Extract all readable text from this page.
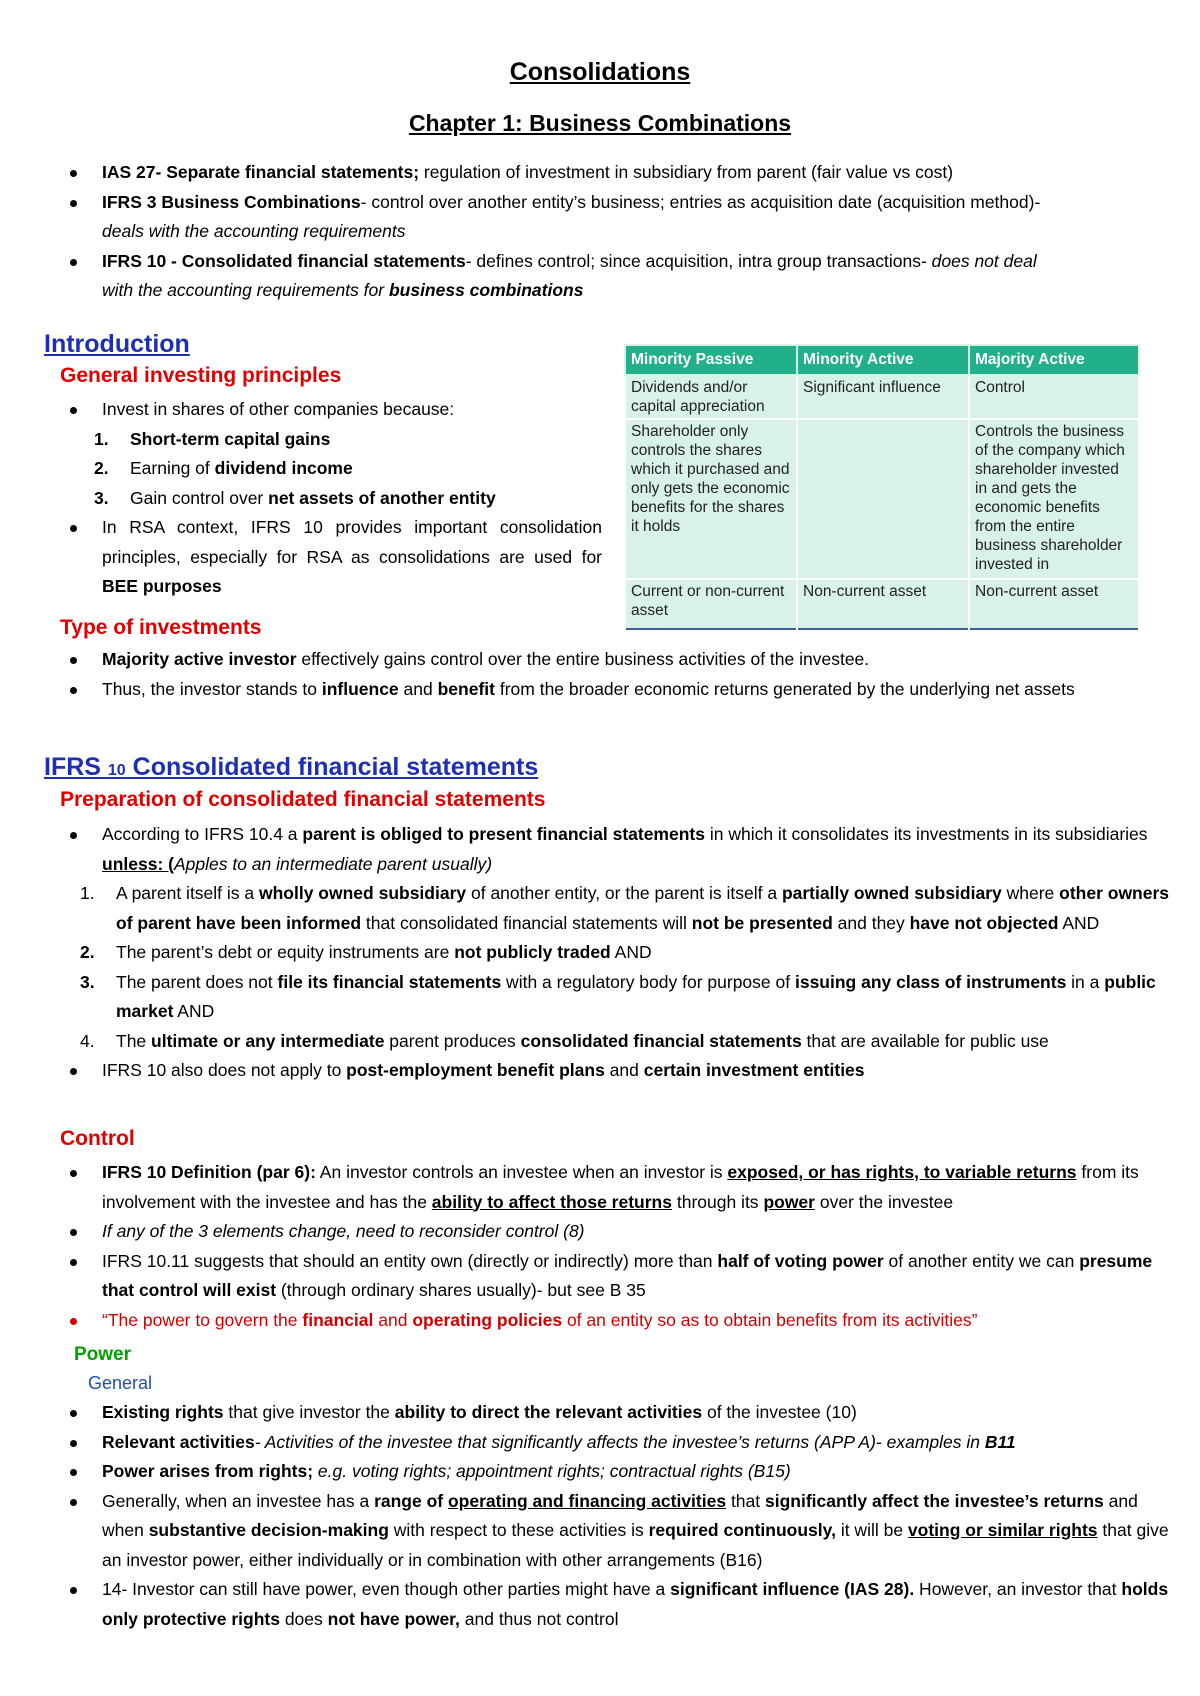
Consolidations
Chapter 1: Business Combinations
IAS 27- Separate financial statements; regulation of investment in subsidiary from parent (fair value vs cost)
IFRS 3 Business Combinations- control over another entity’s business; entries as acquisition date (acquisition method)-
deals with the accounting requirements
IFRS 10 - Consolidated financial statements- defines control; since acquisition, intra group transactions- does not deal
with the accounting requirements for business combinations
Introduction
General investing principles
Invest in shares of other companies because:
1. Short-term capital gains
2. Earning of dividend income
3. Gain control over net assets of another entity
In RSA context, IFRS 10 provides important consolidation principles, especially for RSA as consolidations are used for BEE purposes
Minority Passive	Minority Active	Majority Active
Dividends and/or capital appreciation	Significant influence	Control
Shareholder only controls the shares which it purchased and only gets the economic benefits for the shares it holds		Controls the business of the company which shareholder invested in and gets the economic benefits from the entire business shareholder invested in
Current or non-current asset	Non-current asset	Non-current asset
Type of investments
Majority active investor effectively gains control over the entire business activities of the investee.
Thus, the investor stands to influence and benefit from the broader economic returns generated by the underlying net assets
IFRS 10 Consolidated financial statements
Preparation of consolidated financial statements
According to IFRS 10.4 a parent is obliged to present financial statements in which it consolidates its investments in its subsidiaries unless: (Apples to an intermediate parent usually)
1. A parent itself is a wholly owned subsidiary of another entity, or the parent is itself a partially owned subsidiary where other owners of parent have been informed that consolidated financial statements will not be presented and they have not objected AND
2. The parent’s debt or equity instruments are not publicly traded AND
3. The parent does not file its financial statements with a regulatory body for purpose of issuing any class of instruments in a public market AND
4. The ultimate or any intermediate parent produces consolidated financial statements that are available for public use
IFRS 10 also does not apply to post-employment benefit plans and certain investment entities
Control
IFRS 10 Definition (par 6): An investor controls an investee when an investor is exposed, or has rights, to variable returns from its involvement with the investee and has the ability to affect those returns through its power over the investee
If any of the 3 elements change, need to reconsider control (8)
IFRS 10.11 suggests that should an entity own (directly or indirectly) more than half of voting power of another entity we can presume that control will exist (through ordinary shares usually)- but see B 35
“The power to govern the financial and operating policies of an entity so as to obtain benefits from its activities”
Power
General
Existing rights that give investor the ability to direct the relevant activities of the investee (10)
Relevant activities- Activities of the investee that significantly affects the investee’s returns (APP A)- examples in B11
Power arises from rights; e.g. voting rights; appointment rights; contractual rights (B15)
Generally, when an investee has a range of operating and financing activities that significantly affect the investee’s returns and when substantive decision-making with respect to these activities is required continuously, it will be voting or similar rights that give an investor power, either individually or in combination with other arrangements (B16)
14- Investor can still have power, even though other parties might have a significant influence (IAS 28). However, an investor that holds only protective rights does not have power, and thus not control
